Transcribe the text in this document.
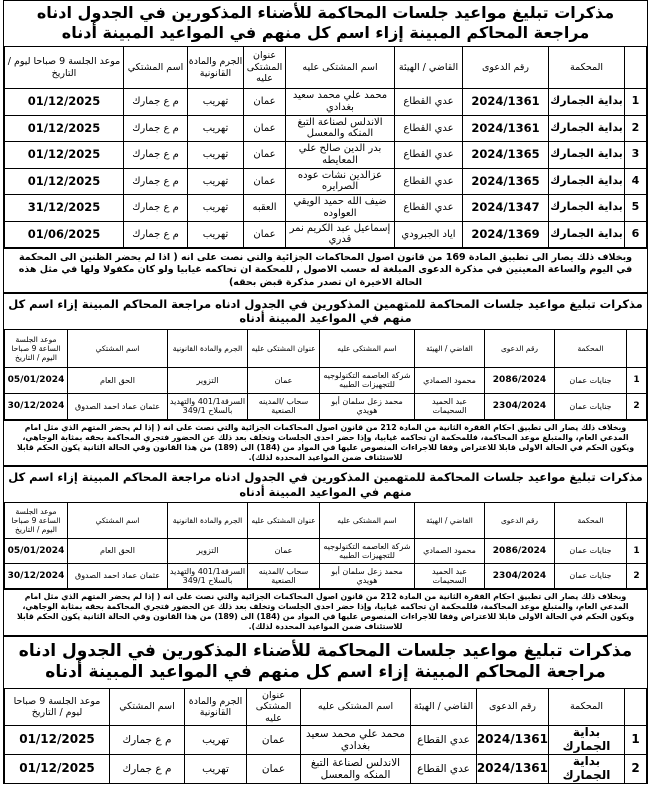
مذكرات تبليغ مواعيد جلسات المحاكمة للأضناء المذكورين في الجدول ادناه مراجعة المحاكم المبينة إزاء اسم كل منهم في المواعيد المبينة أدناه
	المحكمة	رقم الدعوى	القاضي / الهيئة	اسم المشتكى عليه	عنوان المشتكى عليه	الجرم والمادة القانونية	اسم المشتكي	موعد الجلسة 9 صباحا ليوم / التاريخ
1	بداية الجمارك	2024/1361	عدي القطاع	محمد علي محمد سعيد بغدادي	عمان	تهريب	م ع جمارك	01/12/2025
2	بداية الجمارك	2024/1361	عدي القطاع	الاندلس لصناعة التبغ المنكه والمعسل	عمان	تهريب	م ع جمارك	01/12/2025
3	بداية الجمارك	2024/1365	عدي القطاع	بدر الدين صالح علي المعايطه	عمان	تهريب	م ع جمارك	01/12/2025
4	بداية الجمارك	2024/1365	عدي القطاع	عزالدين نشات عوده الصرايره	عمان	تهريب	م ع جمارك	01/12/2025
5	بداية الجمارك	2024/1347	عدي القطاع	ضيف الله حميد الويقي العواوده	العقبه	تهريب	م ع جمارك	31/12/2025
6	بداية الجمارك	2024/1369	اياد الجبرودي	إسماعيل عبد الكريم نمر قدري	عمان	تهريب	م ع جمارك	01/06/2025
وبخلاف ذلك يصار الى تطبيق المادة 169 من قانون اصول المحاكمات الجزائية والتي نصت على انه ( اذا لم يحضر الظنين الى المحكمة في اليوم والساعة المعينين في مذكرة الدعوى المبلغة له حسب الاصول , للمحكمة ان تحاكمه غيابيا ولو كان مكفولا ولها في مثل هذه الحالة الاخيرة ان تصدر مذكرة قبض بحقه)
مذكرات تبليغ مواعيد جلسات المحاكمة للمتهمين المذكورين في الجدول ادناه مراجعة المحاكم المبينة إزاء اسم كل منهم في المواعيد المبينة أدناه
	المحكمة	رقم الدعوى	القاضي / الهيئة	اسم المشتكى عليه	عنوان المشتكى عليه	الجرم والمادة القانونية	اسم المشتكي	موعد الجلسة الساعة 9 صباحا اليوم / التاريخ
1	جنايات عمان	2086/2024	محمود الصمادي	شركة العاصمه التكنولوجيه للتجهيزات الطبيه	عمان	التزوير	الحق العام	05/01/2024
2	جنايات عمان	2304/2024	عبد الحميد السحيمات	محمد زعل سلمان أبو هويدي	سحاب /المدينه الصنعية	السرقة401/1 والتهديد بالسلاح 349/1	عثمان عماد احمد الصدوق	30/12/2024
وبخلاف ذلك يصار الى تطبيق احكام الفقرة الثانية من المادة 212 من قانون اصول المحاكمات الجزائية والتي نصت على انه ( إذا لم يحضر المتهم الذي مثل امام المدعي العام، والمتبلغ موعد المحاكمة، فللمحكمة ان تحاكمه غيابيا، وإذا حضر احدى الجلسات وتخلف بعد ذلك عن الحضور فتجري المحاكمة بحقه بمثابة الوجاهي، ويكون الحكم في الحالة الاولى قابلا للاعتراض وفقا للاجراءات المنصوص عليها في المواد من (184) الى (189) من هذا القانون وفي الحالة الثانية يكون الحكم قابلا للاستئناف ضمن المواعيد المحددة لذلك).
مذكرات تبليغ مواعيد جلسات المحاكمة للمتهمين المذكورين في الجدول ادناه مراجعة المحاكم المبينة إزاء اسم كل منهم في المواعيد المبينة أدناه
	المحكمة	رقم الدعوى	القاضي / الهيئة	اسم المشتكى عليه	عنوان المشتكى عليه	الجرم والمادة القانونية	اسم المشتكي	موعد الجلسة الساعة 9 صباحا اليوم / التاريخ
1	جنايات عمان	2086/2024	محمود الصمادي	شركة العاصمه التكنولوجيه للتجهيزات الطبيه	عمان	التزوير	الحق العام	05/01/2024
2	جنايات عمان	2304/2024	عبد الحميد السحيمات	محمد زعل سلمان أبو هويدي	سحاب /المدينه الصنعية	السرقة401/1 والتهديد بالسلاح 349/1	عثمان عماد احمد الصدوق	30/12/2024
وبخلاف ذلك يصار الى تطبيق احكام الفقرة الثانية من المادة 212 من قانون اصول المحاكمات الجزائية والتي نصت على انه ( إذا لم يحضر المتهم الذي مثل امام المدعي العام، والمتبلغ موعد المحاكمة، فللمحكمة ان تحاكمه غيابيا، وإذا حضر احدى الجلسات وتخلف بعد ذلك عن الحضور فتجري المحاكمة بحقه بمثابة الوجاهي، ويكون الحكم في الحالة الاولى قابلا للاعتراض وفقا للاجراءات المنصوص عليها في المواد من (184) الى (189) من هذا القانون وفي الحالة الثانية يكون الحكم قابلا للاستئناف ضمن المواعيد المحددة لذلك).
مذكرات تبليغ مواعيد جلسات المحاكمة للأضناء المذكورين في الجدول ادناه مراجعة المحاكم المبينة إزاء اسم كل منهم في المواعيد المبينة أدناه
	المحكمة	رقم الدعوى	القاضي / الهيئة	اسم المشتكى عليه	عنوان المشتكى عليه	الجرم والمادة القانونية	اسم المشتكي	موعد الجلسة 9 صباحا ليوم / التاريخ
1	بداية الجمارك	2024/1361	عدي القطاع	محمد علي محمد سعيد بغدادي	عمان	تهريب	م ع جمارك	01/12/2025
2	بداية الجمارك	2024/1361	عدي القطاع	الاندلس لصناعة التبغ المنكه والمعسل	عمان	تهريب	م ع جمارك	01/12/2025
